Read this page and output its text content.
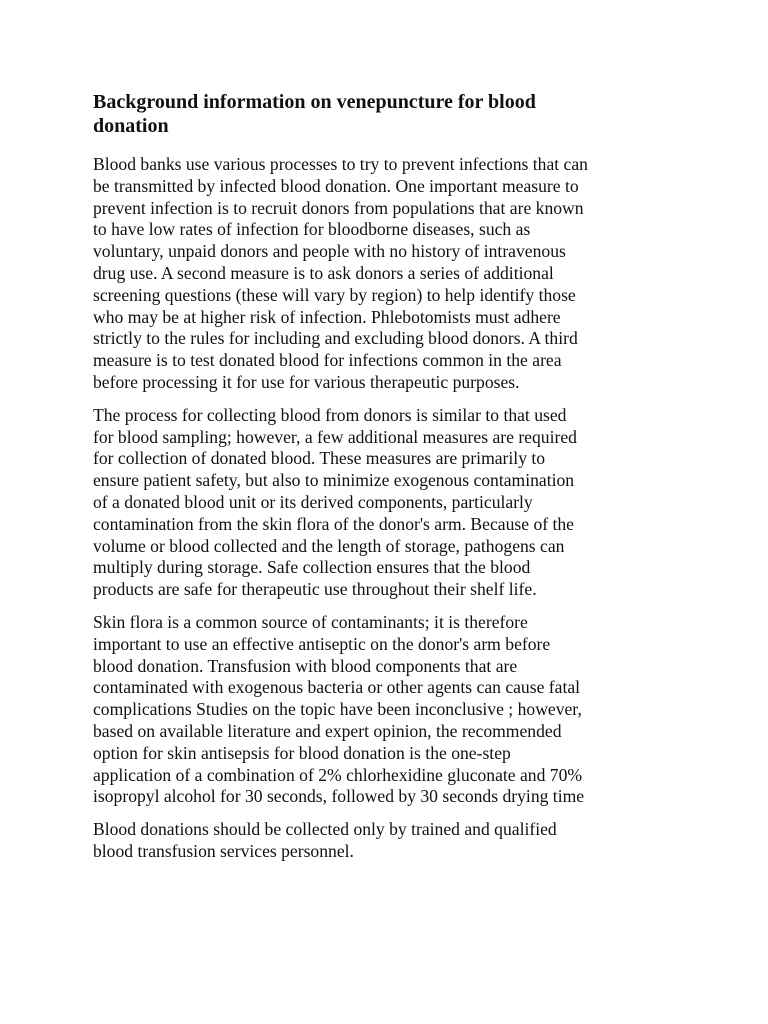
Background information on venepuncture for blood
donation

Blood banks use various processes to try to prevent infections that can
be transmitted by infected blood donation. One important measure to
prevent infection is to recruit donors from populations that are known
to have low rates of infection for bloodborne diseases, such as
voluntary, unpaid donors and people with no history of intravenous
drug use. A second measure is to ask donors a series of additional
screening questions (these will vary by region) to help identify those
who may be at higher risk of infection. Phlebotomists must adhere
strictly to the rules for including and excluding blood donors. A third
measure is to test donated blood for infections common in the area
before processing it for use for various therapeutic purposes.

The process for collecting blood from donors is similar to that used
for blood sampling; however, a few additional measures are required
for collection of donated blood. These measures are primarily to
ensure patient safety, but also to minimize exogenous contamination
of a donated blood unit or its derived components, particularly
contamination from the skin flora of the donor's arm. Because of the
volume or blood collected and the length of storage, pathogens can
multiply during storage. Safe collection ensures that the blood
products are safe for therapeutic use throughout their shelf life.

Skin flora is a common source of contaminants; it is therefore
important to use an effective antiseptic on the donor's arm before
blood donation. Transfusion with blood components that are
contaminated with exogenous bacteria or other agents can cause fatal
complications Studies on the topic have been inconclusive ; however,
based on available literature and expert opinion, the recommended
option for skin antisepsis for blood donation is the one-step
application of a combination of 2% chlorhexidine gluconate and 70%
isopropyl alcohol for 30 seconds, followed by 30 seconds drying time

Blood donations should be collected only by trained and qualified
blood transfusion services personnel.
